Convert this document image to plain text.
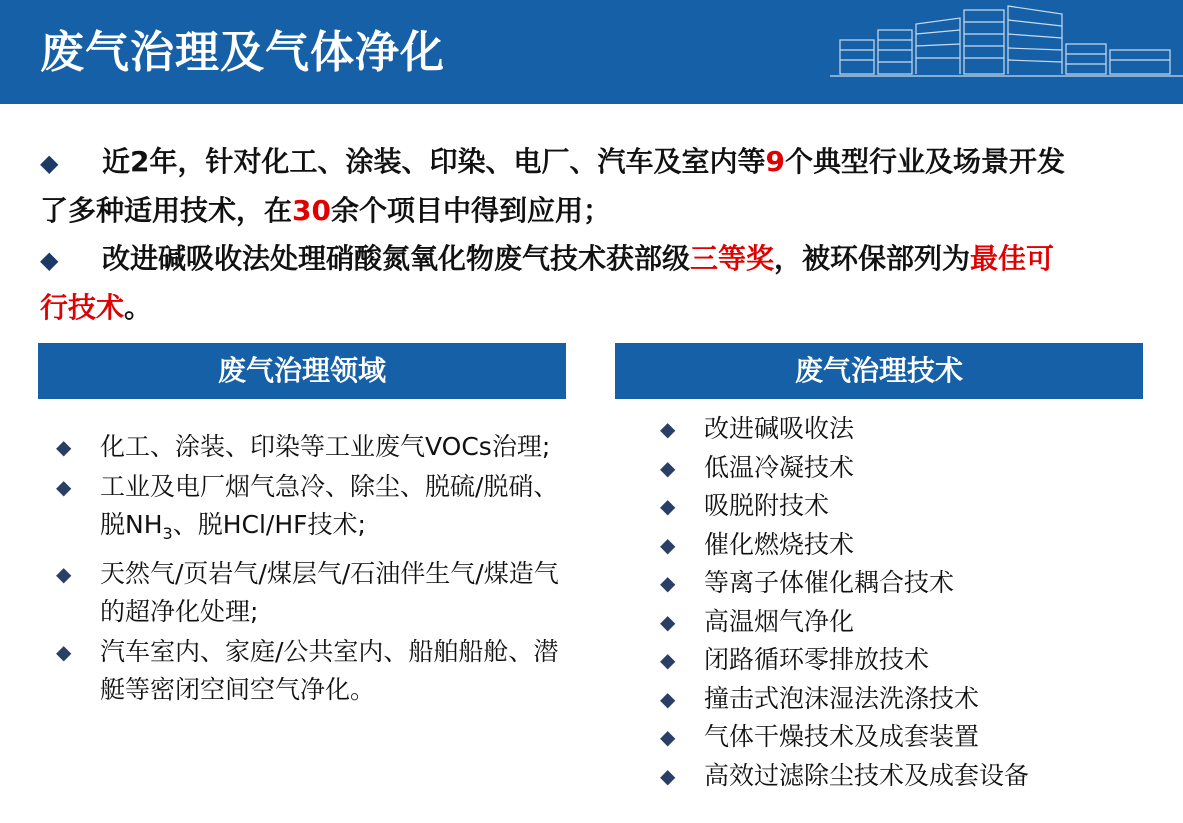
废气治理及气体净化

◆ 近2年，针对化工、涂装、印染、电厂、汽车及室内等9个典型行业及场景开发
了多种适用技术，在30余个项目中得到应用；

◆ 改进碱吸收法处理硝酸氮氧化物废气技术获部级三等奖，被环保部列为最佳可
行技术。

废气治理领域	废气治理技术
◆ 化工、涂装、印染等工业废气VOCs治理;
◆ 工业及电厂烟气急冷、除尘、脱硫/脱硝、脱$NH_3$、脱HCl/HF技术;
◆ 天然气/页岩气/煤层气/石油伴生气/煤造气的超净化处理;
◆ 汽车室内、家庭/公共室内、船舶船舱、潜艇等密闭空间空气净化。
◆ 改进碱吸收法
◆ 低温冷凝技术
◆ 吸脱附技术
◆ 催化燃烧技术
◆ 等离子体催化耦合技术
◆ 高温烟气净化
◆ 闭路循环零排放技术
◆ 撞击式泡沫湿法洗涤技术
◆ 气体干燥技术及成套装置
◆ 高效过滤除尘技术及成套设备
